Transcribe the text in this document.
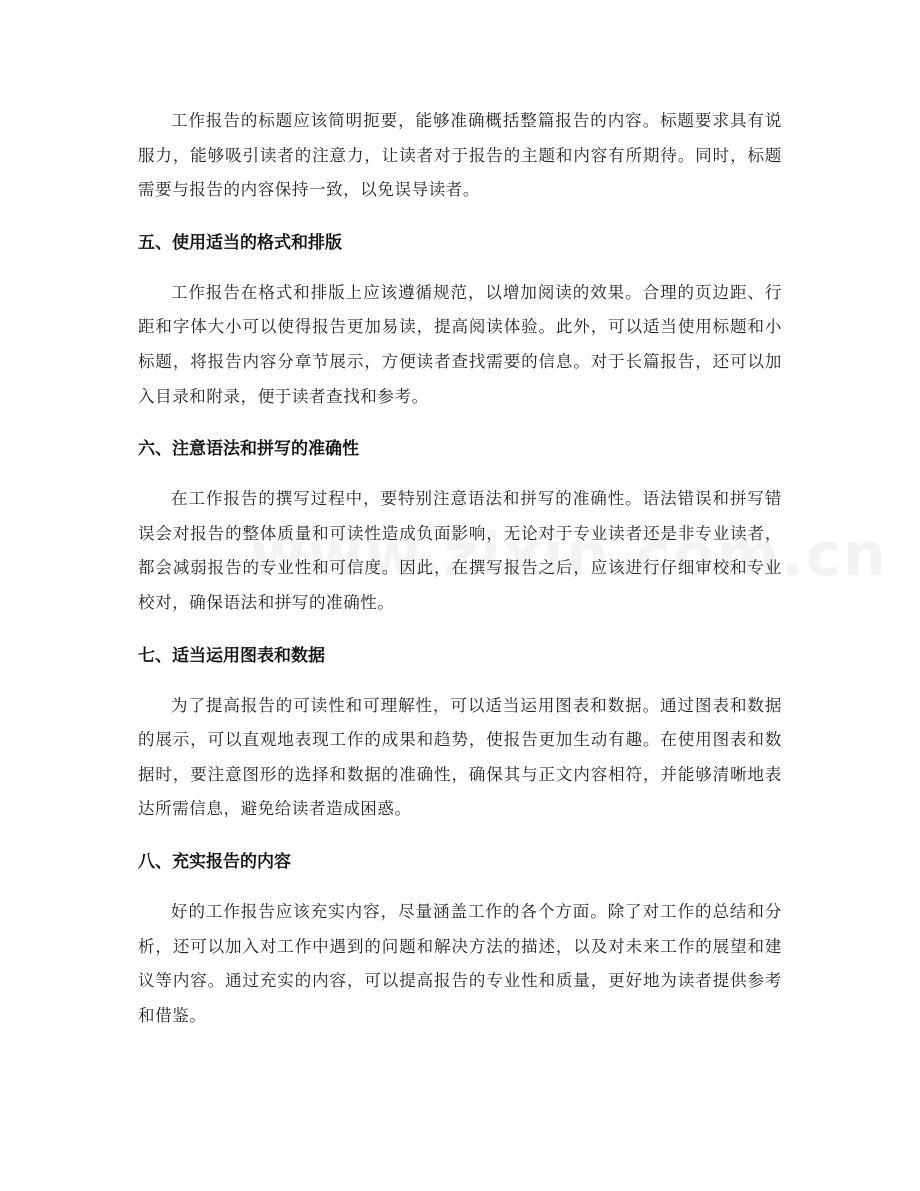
工作报告的标题应该简明扼要，能够准确概括整篇报告的内容。标题要求具有说服力，能够吸引读者的注意力，让读者对于报告的主题和内容有所期待。同时，标题需要与报告的内容保持一致，以免误导读者。

五、使用适当的格式和排版

工作报告在格式和排版上应该遵循规范，以增加阅读的效果。合理的页边距、行距和字体大小可以使得报告更加易读，提高阅读体验。此外，可以适当使用标题和小标题，将报告内容分章节展示，方便读者查找需要的信息。对于长篇报告，还可以加入目录和附录，便于读者查找和参考。

六、注意语法和拼写的准确性

在工作报告的撰写过程中，要特别注意语法和拼写的准确性。语法错误和拼写错误会对报告的整体质量和可读性造成负面影响，无论对于专业读者还是非专业读者，都会减弱报告的专业性和可信度。因此，在撰写报告之后，应该进行仔细审校和专业校对，确保语法和拼写的准确性。

七、适当运用图表和数据

为了提高报告的可读性和可理解性，可以适当运用图表和数据。通过图表和数据的展示，可以直观地表现工作的成果和趋势，使报告更加生动有趣。在使用图表和数据时，要注意图形的选择和数据的准确性，确保其与正文内容相符，并能够清晰地表达所需信息，避免给读者造成困惑。

八、充实报告的内容

好的工作报告应该充实内容，尽量涵盖工作的各个方面。除了对工作的总结和分析，还可以加入对工作中遇到的问题和解决方法的描述，以及对未来工作的展望和建议等内容。通过充实的内容，可以提高报告的专业性和质量，更好地为读者提供参考和借鉴。
